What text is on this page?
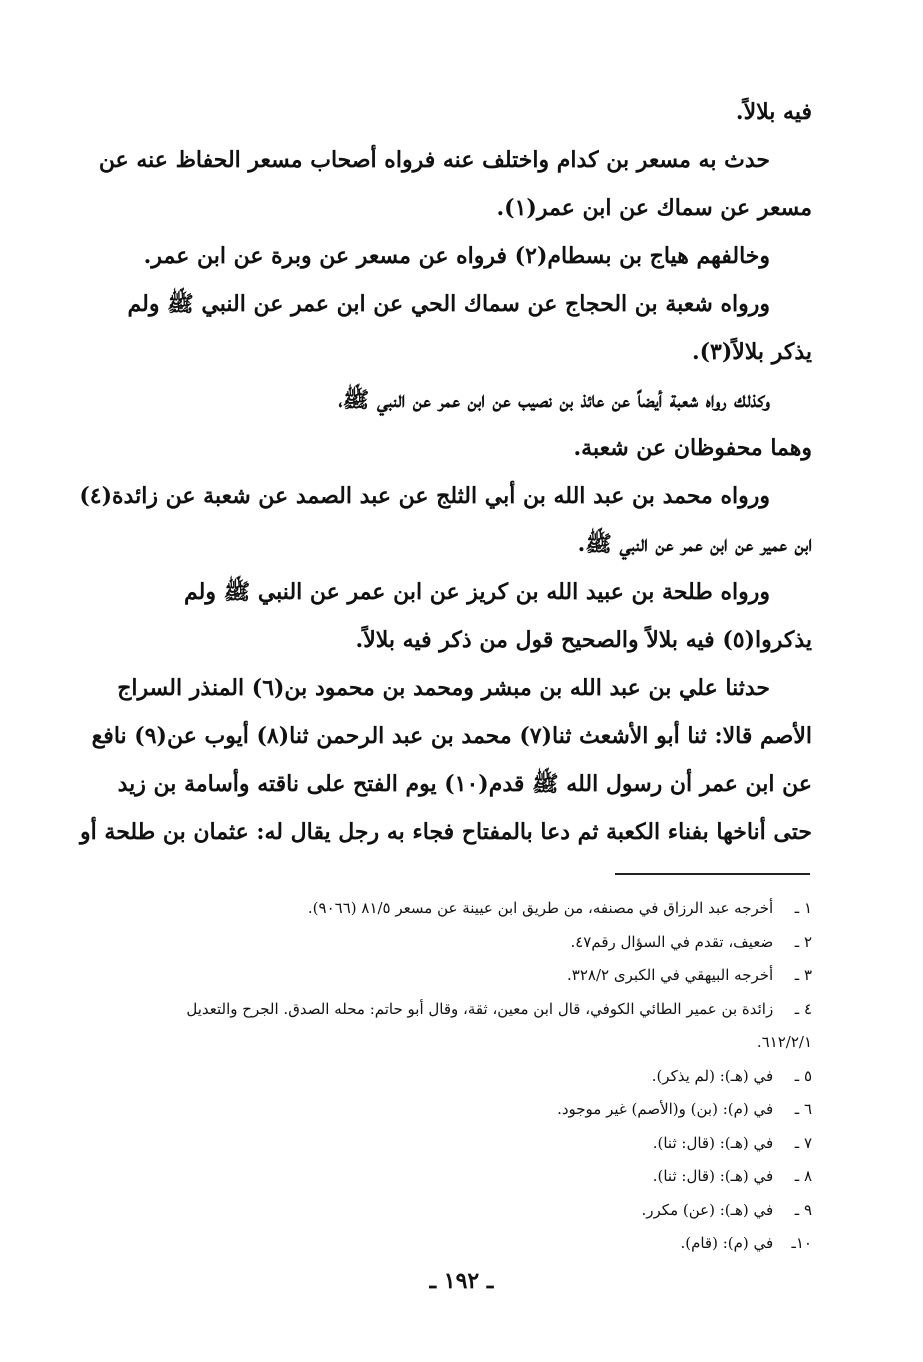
فيه بلالاً.
حدث به مسعر بن كدام واختلف عنه فرواه أصحاب مسعر الحفاظ عنه عن
مسعر عن سماك عن ابن عمر(١).
وخالفهم هياج بن بسطام(٢) فرواه عن مسعر عن وبرة عن ابن عمر.
ورواه شعبة بن الحجاج عن سماك الحي عن ابن عمر عن النبي ﷺ ولم
يذكر بلالاً(٣).
وكذلك رواه شعبة أيضاً عن عائذ بن نصيب عن ابن عمر عن النبي ﷺ،
وهما محفوظان عن شعبة.
ورواه محمد بن عبد الله بن أبي الثلج عن عبد الصمد عن شعبة عن زائدة(٤)
ابن عمير عن ابن عمر عن النبي ﷺ.
ورواه طلحة بن عبيد الله بن كريز عن ابن عمر عن النبي ﷺ ولم
يذكروا(٥) فيه بلالاً والصحيح قول من ذكر فيه بلالاً.
حدثنا علي بن عبد الله بن مبشر ومحمد بن محمود بن(٦) المنذر السراج
الأصم قالا: ثنا أبو الأشعث ثنا(٧) محمد بن عبد الرحمن ثنا(٨) أيوب عن(٩) نافع
عن ابن عمر أن رسول الله ﷺ قدم(١٠) يوم الفتح على ناقته وأسامة بن زيد
حتى أناخها بفناء الكعبة ثم دعا بالمفتاح فجاء به رجل يقال له: عثمان بن طلحة أو
١ ـ أخرجه عبد الرزاق في مصنفه، من طريق ابن عيينة عن مسعر ٨١/٥ (٩٠٦٦).
٢ ـ ضعيف، تقدم في السؤال رقم٤٧.
٣ ـ أخرجه البيهقي في الكبرى ٣٢٨/٢.
٤ ـ زائدة بن عمير الطائي الكوفي، قال ابن معين، ثقة، وقال أبو حاتم: محله الصدق. الجرح والتعديل
٦١٢/٢/١.
٥ ـ في (هـ): (لم يذكر).
٦ ـ في (م): (بن) و(الأصم) غير موجود.
٧ ـ في (هـ): (قال: ثنا).
٨ ـ في (هـ): (قال: ثنا).
٩ ـ في (هـ): (عن) مكرر.
١٠ـ في (م): (قام).
ـ ١٩٢ ـ
